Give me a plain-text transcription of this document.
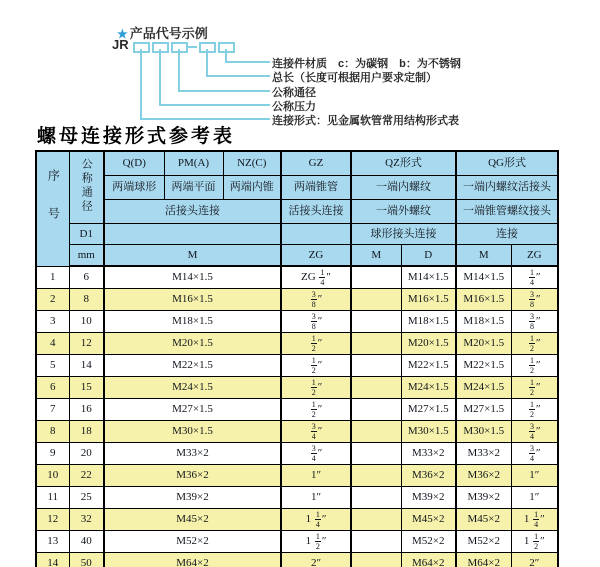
★ 产品代号示例
JR
连接件材质　c：为碳钢　b：为不锈钢
总长（长度可根据用户要求定制）
公称通径
公称压力
连接形式：见金属软管常用结构形式表
螺母连接形式参考表
序号	公称通径	Q(D)	PM(A)	NZ(C)	GZ	QZ形式		QG形式	
		两端球形	两端平面	两端内锥	两端锥管	一端内螺纹		一端内螺纹活接头	
		活接头连接			活接头连接	一端外螺纹		一端锥管螺纹接头	
	D1					球形接头连接		连接	
	mm	M			ZG	M	D	M	ZG
1	6	M14×1.5			ZG $\frac{1}{4}$ ″		M14×1.5	M14×1.5	$\frac{1}{4}$ ″
2	8	M16×1.5			$\frac{3}{8}$ ″		M16×1.5	M16×1.5	$\frac{3}{8}$ ″
3	10	M18×1.5			$\frac{3}{8}$ ″		M18×1.5	M18×1.5	$\frac{3}{8}$ ″
4	12	M20×1.5			$\frac{1}{2}$ ″		M20×1.5	M20×1.5	$\frac{1}{2}$ ″
5	14	M22×1.5			$\frac{1}{2}$ ″		M22×1.5	M22×1.5	$\frac{1}{2}$ ″
6	15	M24×1.5			$\frac{1}{2}$ ″		M24×1.5	M24×1.5	$\frac{1}{2}$ ″
7	16	M27×1.5			$\frac{1}{2}$ ″		M27×1.5	M27×1.5	$\frac{1}{2}$ ″
8	18	M30×1.5			$\frac{3}{4}$ ″		M30×1.5	M30×1.5	$\frac{3}{4}$ ″
9	20	M33×2			$\frac{3}{4}$ ″		M33×2	M33×2	$\frac{3}{4}$ ″
10	22	M36×2			1″		M36×2	M36×2	1″
11	25	M39×2			1″		M39×2	M39×2	1″
12	32	M45×2			$1 \frac{1}{4}$ ″		M45×2	M45×2	$1 \frac{1}{4}$ ″
13	40	M52×2			$1 \frac{1}{2}$ ″		M52×2	M52×2	$1 \frac{1}{2}$ ″
14	50	M64×2			2″		M64×2	M64×2	2″
